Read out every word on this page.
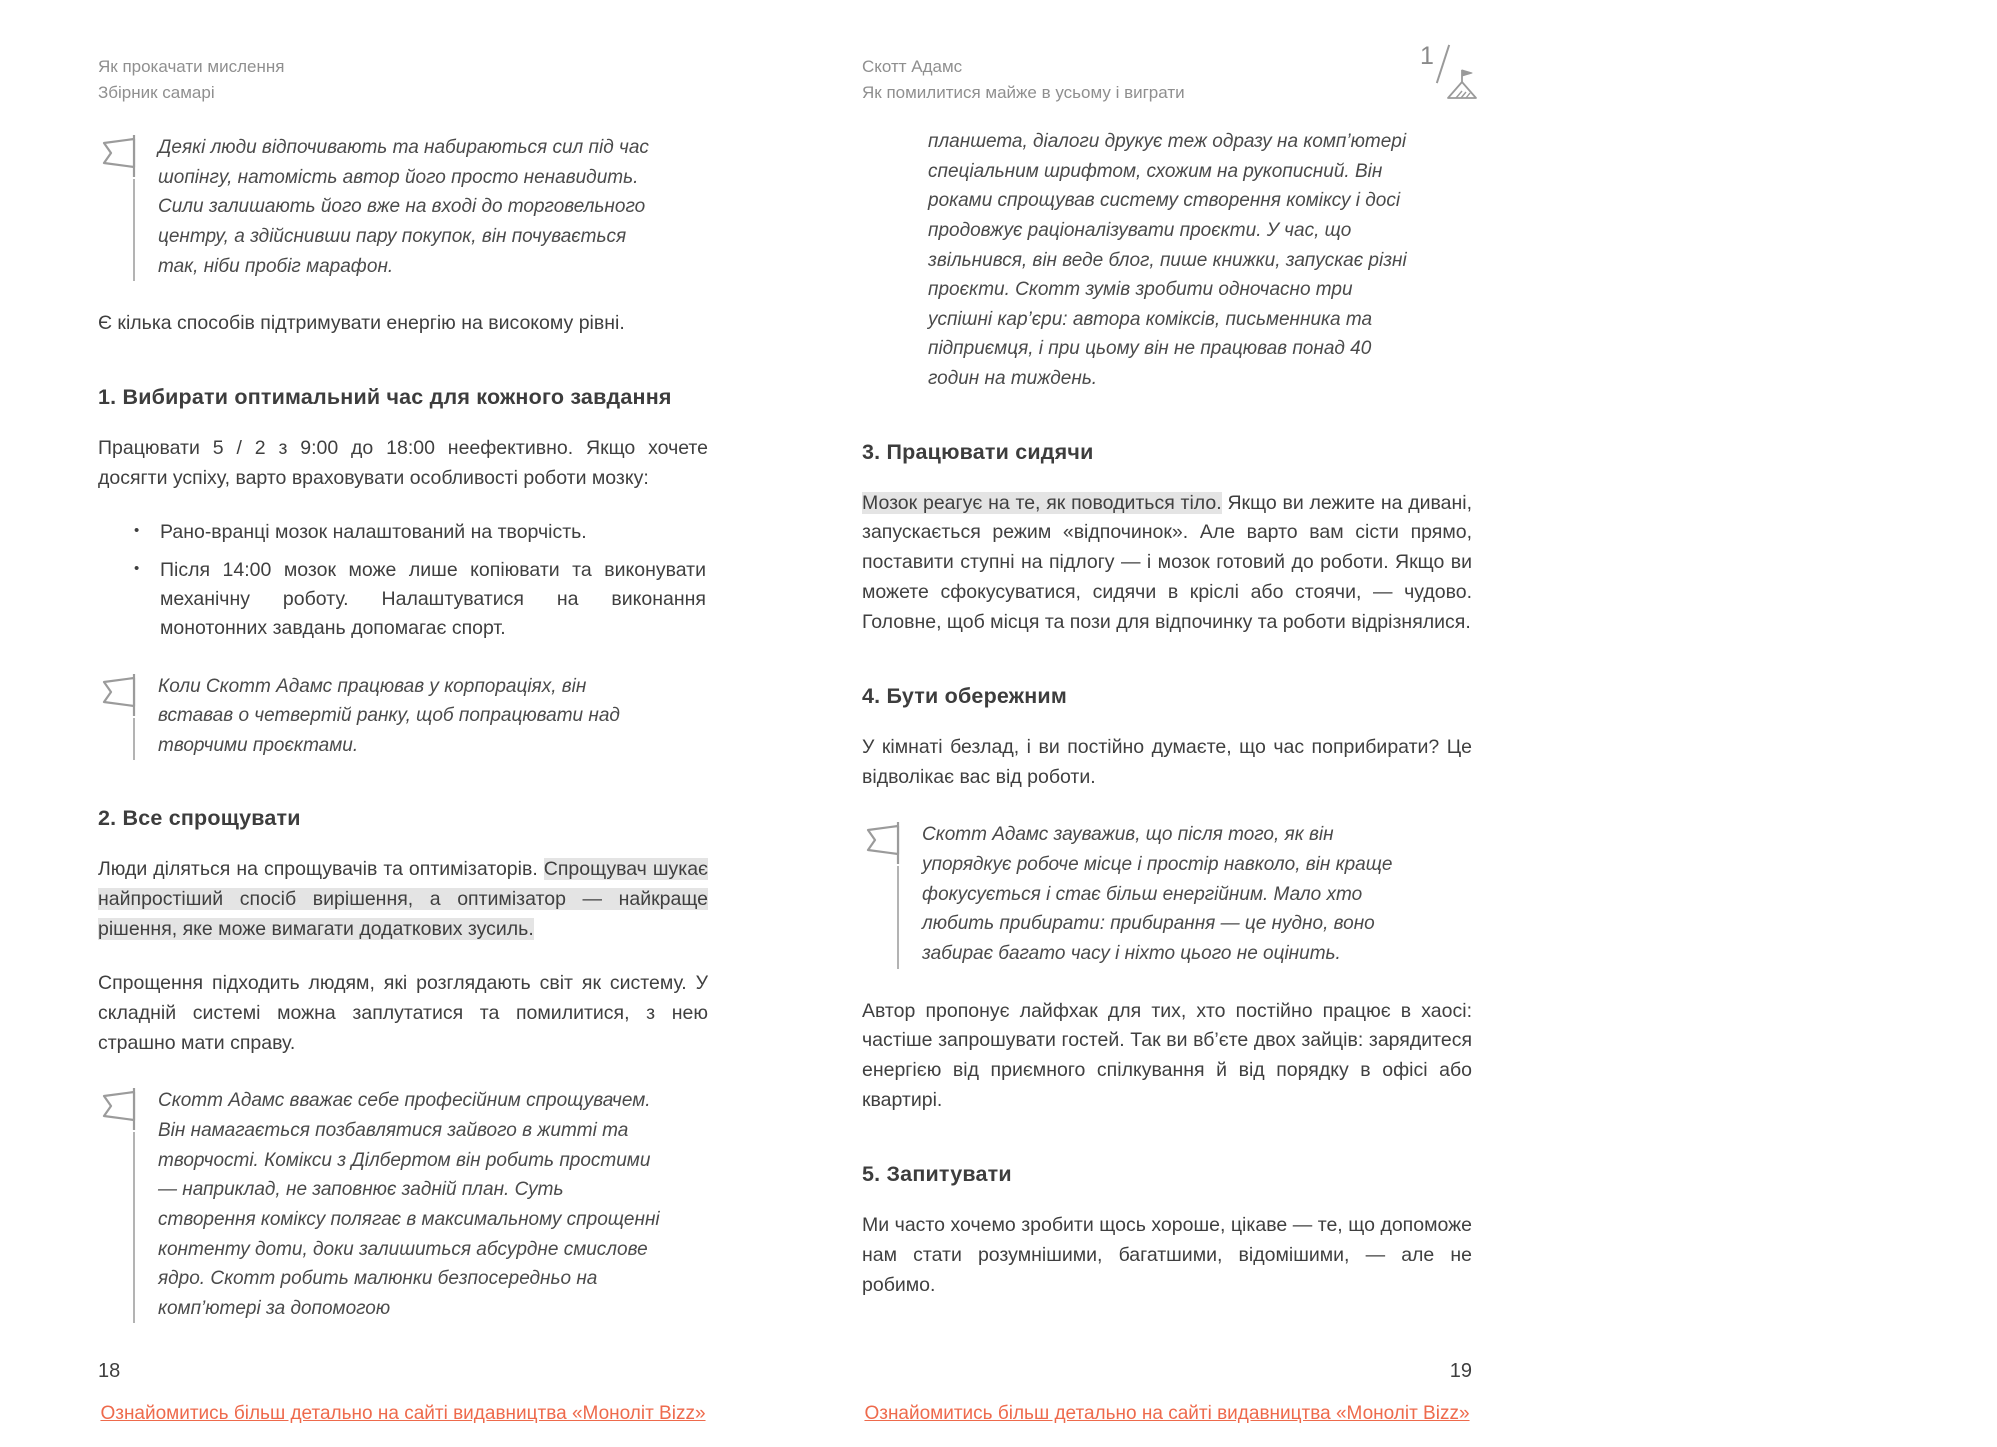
Як прокачати мислення
Збірник самарі
Деякі люди відпочивають та набираються сил під час шопінгу, натомість автор його просто ненавидить. Сили залишають його вже на вході до торговельного центру, а здійснивши пару покупок, він почувається так, ніби пробіг марафон.

Є кілька способів підтримувати енергію на високому рівні.

1. Вибирати оптимальний час для кожного завдання

Працювати 5 / 2 з 9:00 до 18:00 неефективно. Якщо хочете досягти успіху, варто враховувати особливості роботи мозку:

•	Рано-вранці мозок налаштований на творчість.
•	Після 14:00 мозок може лише копіювати та виконувати механічну роботу. Налаштуватися на виконання монотонних завдань допомагає спорт.
Коли Скотт Адамс працював у корпораціях, він вставав о четвертій ранку, щоб попрацювати над творчими проєктами.
2. Все спрощувати

Люди діляться на спрощувачів та оптимізаторів. Спрощувач шукає найпростіший спосіб вирішення, а оптимізатор — найкраще рішення, яке може вимагати додаткових зусиль.

Спрощення підходить людям, які розглядають світ як систему. У складній системі можна заплутатися та помилитися, з нею страшно мати справу.

Скотт Адамс вважає себе професійним спрощувачем. Він намагається позбавлятися зайвого в житті та творчості. Комікси з Ділбертом він робить простими — наприклад, не заповнює задній план. Суть створення коміксу полягає в максимальному спрощенні контенту доти, доки залишиться абсурдне смислове ядро. Скотт робить малюнки безпосередньо на комп’ютері за допомогою
18
Ознайомитись більш детально на сайті видавництва «Моноліт Bizz»
Скотт Адамс
Як помилитися майже в усьому і виграти
планшета, діалоги друкує теж одразу на комп’ютері спеціальним шрифтом, схожим на рукописний. Він роками спрощував систему створення коміксу і досі продовжує раціоналізувати проєкти. У час, що звільнився, він веде блог, пише книжки, запускає різні проєкти. Скотт зумів зробити одночасно три успішні кар’єри: автора коміксів, письменника та підприємця, і при цьому він не працював понад 40 годин на тиждень.
3. Працювати сидячи

Мозок реагує на те, як поводиться тіло. Якщо ви лежите на дивані, запускається режим «відпочинок». Але варто вам сісти прямо, поставити ступні на підлогу — і мозок готовий до роботи. Якщо ви можете сфокусуватися, сидячи в кріслі або стоячи, — чудово. Головне, щоб місця та пози для відпочинку та роботи відрізнялися.

4. Бути обережним

У кімнаті безлад, і ви постійно думаєте, що час поприбирати? Це відволікає вас від роботи.

Скотт Адамс зауважив, що після того, як він упорядкує робоче місце і простір навколо, він краще фокусується і стає більш енергійним. Мало хто любить прибирати: прибирання — це нудно, воно забирає багато часу і ніхто цього не оцінить.

Автор пропонує лайфхак для тих, хто постійно працює в хаосі: частіше запрошувати гостей. Так ви вб’єте двох зайців: зарядитеся енергією від приємного спілкування й від порядку в офісі або квартирі.

5. Запитувати

Ми часто хочемо зробити щось хороше, цікаве — те, що допоможе нам стати розумнішими, багатшими, відомішими, — але не робимо.

19
Ознайомитись більш детально на сайті видавництва «Моноліт Bizz»
1
